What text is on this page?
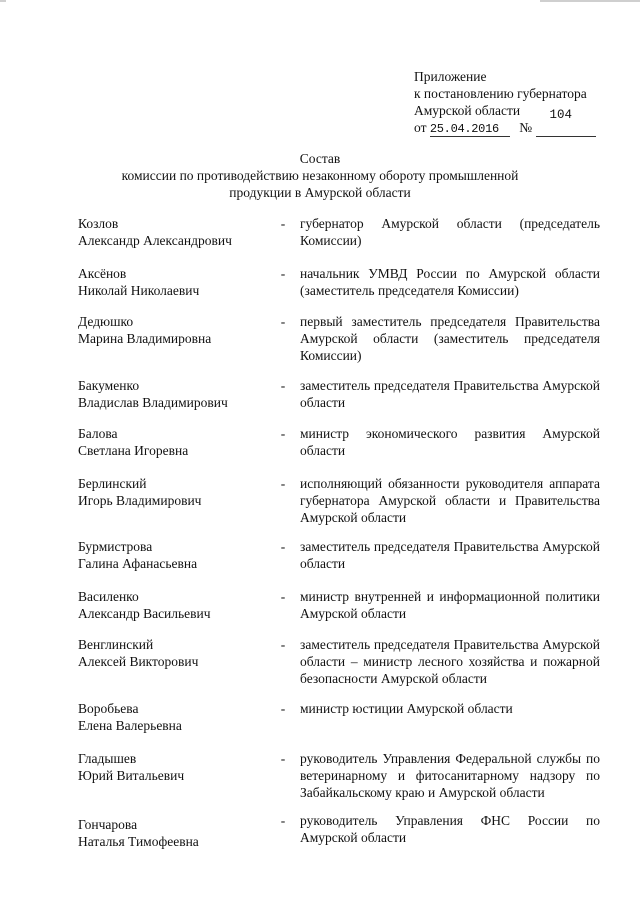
Приложение
к постановлению губернатора
Амурской области
от 25.04.2016 №
104

Состав
комиссии по противодействию незаконному обороту промышленной
продукции в Амурской области
Козлов
Александр Александрович
- губернатор Амурской области (председатель Комиссии)
Аксёнов
Николай Николаевич
- начальник УМВД России по Амурской области (заместитель председателя Комиссии)
Дедюшко
Марина Владимировна
- первый заместитель председателя Правительства Амурской области (заместитель председателя Комиссии)
Бакуменко
Владислав Владимирович
- заместитель председателя Правительства Амурской области
Балова
Светлана Игоревна
- министр экономического развития Амурской области
Берлинский
Игорь Владимирович
- исполняющий обязанности руководителя аппарата губернатора Амурской области и Правительства Амурской области
Бурмистрова
Галина Афанасьевна
- заместитель председателя Правительства Амурской области
Василенко
Александр Васильевич
- министр внутренней и информационной политики Амурской области
Венглинский
Алексей Викторович
- заместитель председателя Правительства Амурской области – министр лесного хозяйства и пожарной безопасности Амурской области
Воробьева
Елена Валерьевна
- министр юстиции Амурской области
Гладышев
Юрий Витальевич
- руководитель Управления Федеральной службы по ветеринарному и фитосанитарному надзору по Забайкальскому краю и Амурской области
Гончарова
Наталья Тимофеевна
- руководитель Управления ФНС России по Амурской области
